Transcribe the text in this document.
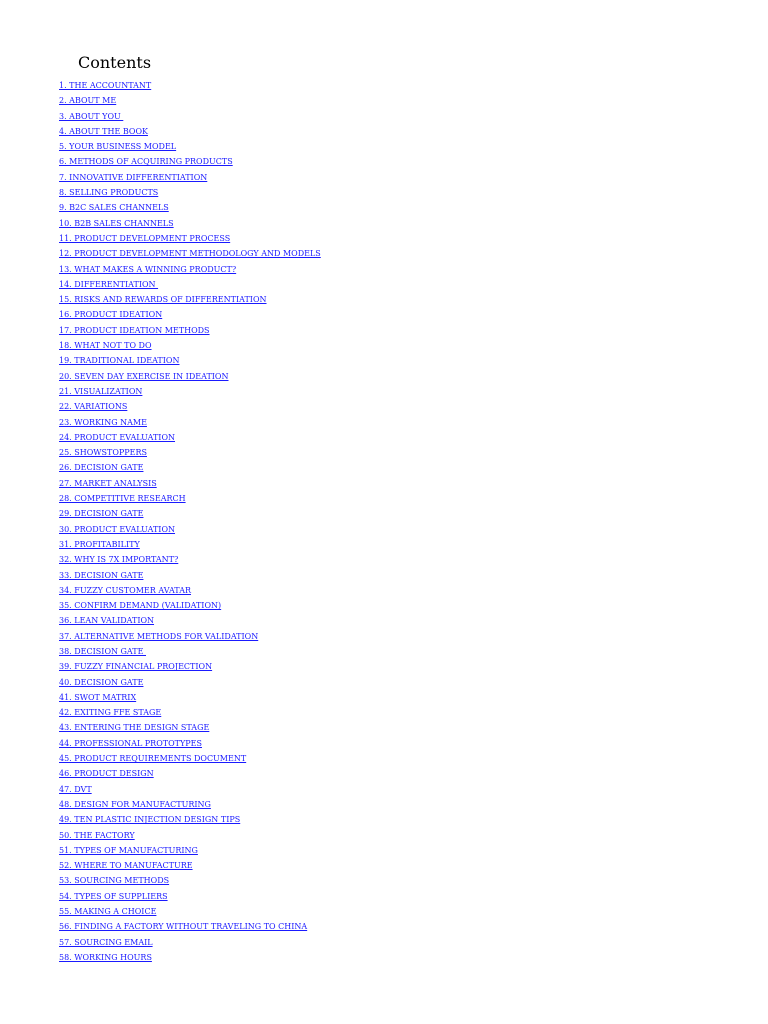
Contents
1. THE ACCOUNTANT
2. ABOUT ME
3. ABOUT YOU
4. ABOUT THE BOOK
5. YOUR BUSINESS MODEL
6. METHODS OF ACQUIRING PRODUCTS
7. INNOVATIVE DIFFERENTIATION
8. SELLING PRODUCTS
9. B2C SALES CHANNELS
10. B2B SALES CHANNELS
11. PRODUCT DEVELOPMENT PROCESS
12. PRODUCT DEVELOPMENT METHODOLOGY AND MODELS
13. WHAT MAKES A WINNING PRODUCT?
14. DIFFERENTIATION
15. RISKS AND REWARDS OF DIFFERENTIATION
16. PRODUCT IDEATION
17. PRODUCT IDEATION METHODS
18. WHAT NOT TO DO
19. TRADITIONAL IDEATION
20. SEVEN DAY EXERCISE IN IDEATION
21. VISUALIZATION
22. VARIATIONS
23. WORKING NAME
24. PRODUCT EVALUATION
25. SHOWSTOPPERS
26. DECISION GATE
27. MARKET ANALYSIS
28. COMPETITIVE RESEARCH
29. DECISION GATE
30. PRODUCT EVALUATION
31. PROFITABILITY
32. WHY IS 7X IMPORTANT?
33. DECISION GATE
34. FUZZY CUSTOMER AVATAR
35. CONFIRM DEMAND (VALIDATION)
36. LEAN VALIDATION
37. ALTERNATIVE METHODS FOR VALIDATION
38. DECISION GATE
39. FUZZY FINANCIAL PROJECTION
40. DECISION GATE
41. SWOT MATRIX
42. EXITING FFE STAGE
43. ENTERING THE DESIGN STAGE
44. PROFESSIONAL PROTOTYPES
45. PRODUCT REQUIREMENTS DOCUMENT
46. PRODUCT DESIGN
47. DVT
48. DESIGN FOR MANUFACTURING
49. TEN PLASTIC INJECTION DESIGN TIPS
50. THE FACTORY
51. TYPES OF MANUFACTURING
52. WHERE TO MANUFACTURE
53. SOURCING METHODS
54. TYPES OF SUPPLIERS
55. MAKING A CHOICE
56. FINDING A FACTORY WITHOUT TRAVELING TO CHINA
57. SOURCING EMAIL
58. WORKING HOURS
